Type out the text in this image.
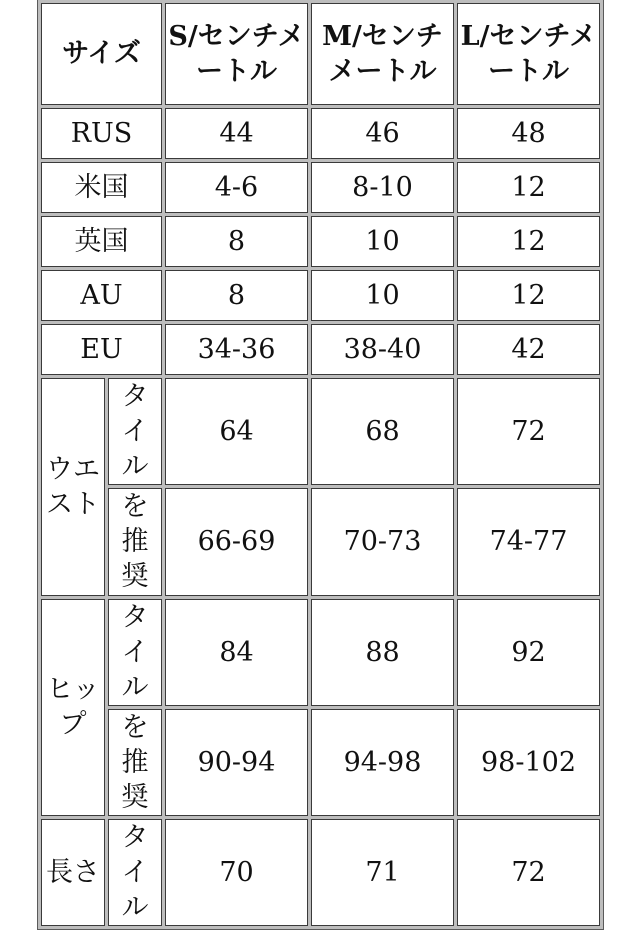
サイズ		S/センチメートル	M/センチメートル	L/センチメートル
RUS		44	46	48
米国		4-6	8-10	12
英国		8	10	12
AU		8	10	12
EU		34-36	38-40	42
ウエスト	タイル	64	68	72
	を推奨	66-69	70-73	74-77
ヒップ	タイル	84	88	92
	を推奨	90-94	94-98	98-102
長さ	タイル	70	71	72
